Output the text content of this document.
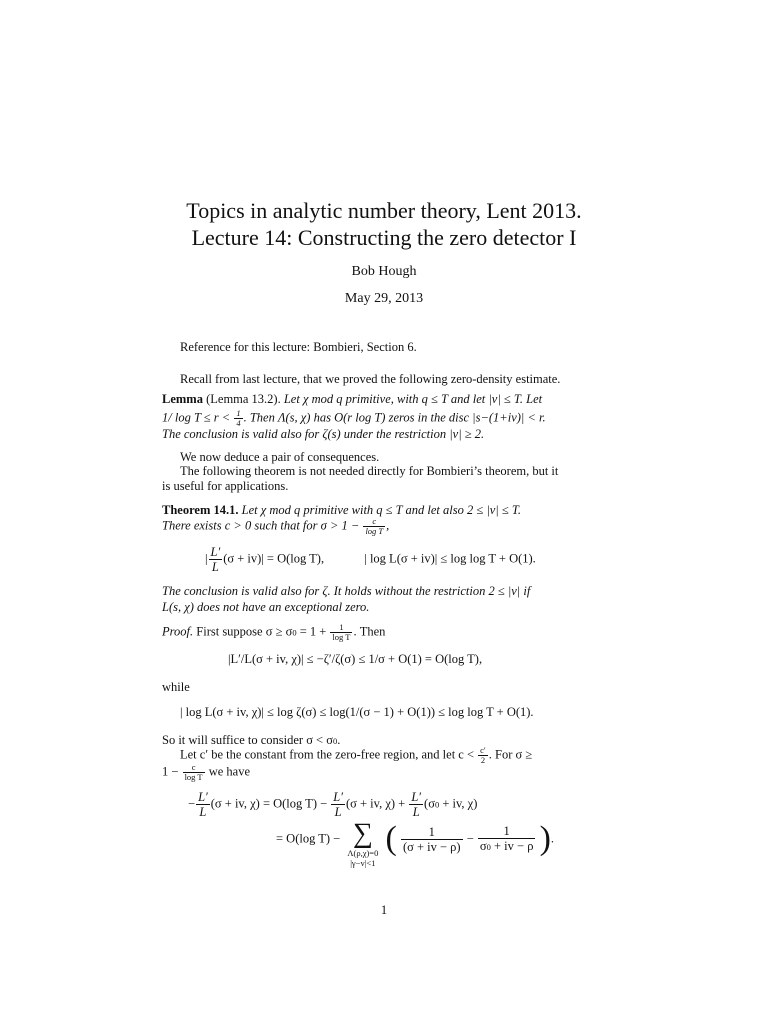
Topics in analytic number theory, Lent 2013.
Lecture 14: Constructing the zero detector I
Bob Hough
May 29, 2013
Reference for this lecture: Bombieri, Section 6.
Recall from last lecture, that we proved the following zero-density estimate.
Lemma (Lemma 13.2). Let χ mod q primitive, with q ≤ T and let |v| ≤ T. Let
1/ $\log T \le r < \frac{1}{4}$ . Then Λ(s, χ) has O(r log T) zeros in the disc |s−(1+iv)| < r.
The conclusion is valid also for ζ(s) under the restriction |v| ≥ 2.
We now deduce a pair of consequences.
The following theorem is not needed directly for Bombieri’s theorem, but it
is useful for applications.
Theorem 14.1. Let χ mod q primitive with q ≤ T and let also 2 ≤ |v| ≤ T.
There exists c > 0 such that for $\sigma > 1 - \frac{c}{\text{log T}}$ ,
| $\frac{L'}{L} (\sigma + iv)| = O(\log$ T),	| log L(σ + iv)| ≤ log log T + O(1).
The conclusion is valid also for ζ. It holds without the restriction 2 ≤ |v| if
L(s, χ) does not have an exceptional zero.
Proof. First suppose $\sigma \ge \sigma 0 = 1 + \frac{1}{\text{log T}}$ . Then
|L′/L(σ + iv, χ)| ≤ −ζ′/ζ(σ) ≤ 1/σ + O(1) = O(log T),
while
| log L(σ + iv, χ)| ≤ log ζ(σ) ≤ log(1/(σ − 1) + O(1)) ≤ log log T + O(1).
So it will suffice to consider σ < σ0.
Let c′ be the constant from the zero-free region, and let $c < \frac{c'}{2}$ . For σ ≥
$1 - \frac{c}{\text{log T}}$ we have
− $\frac{L'}{L} (\sigma$ + iv, χ) = O(log $T) - \frac{L'}{L} (\sigma$ + iv, $\chi) + \frac{L'}{L} (\sigma 0$ + iv, χ)
= O(log T) − ∑
Λ(ρ,χ)=0
|γ−v|<1
( $\frac{1}{(\sigma + iv - \rho)} - \frac{1}{\sigma 0 + iv - \rho}$ ).
1
